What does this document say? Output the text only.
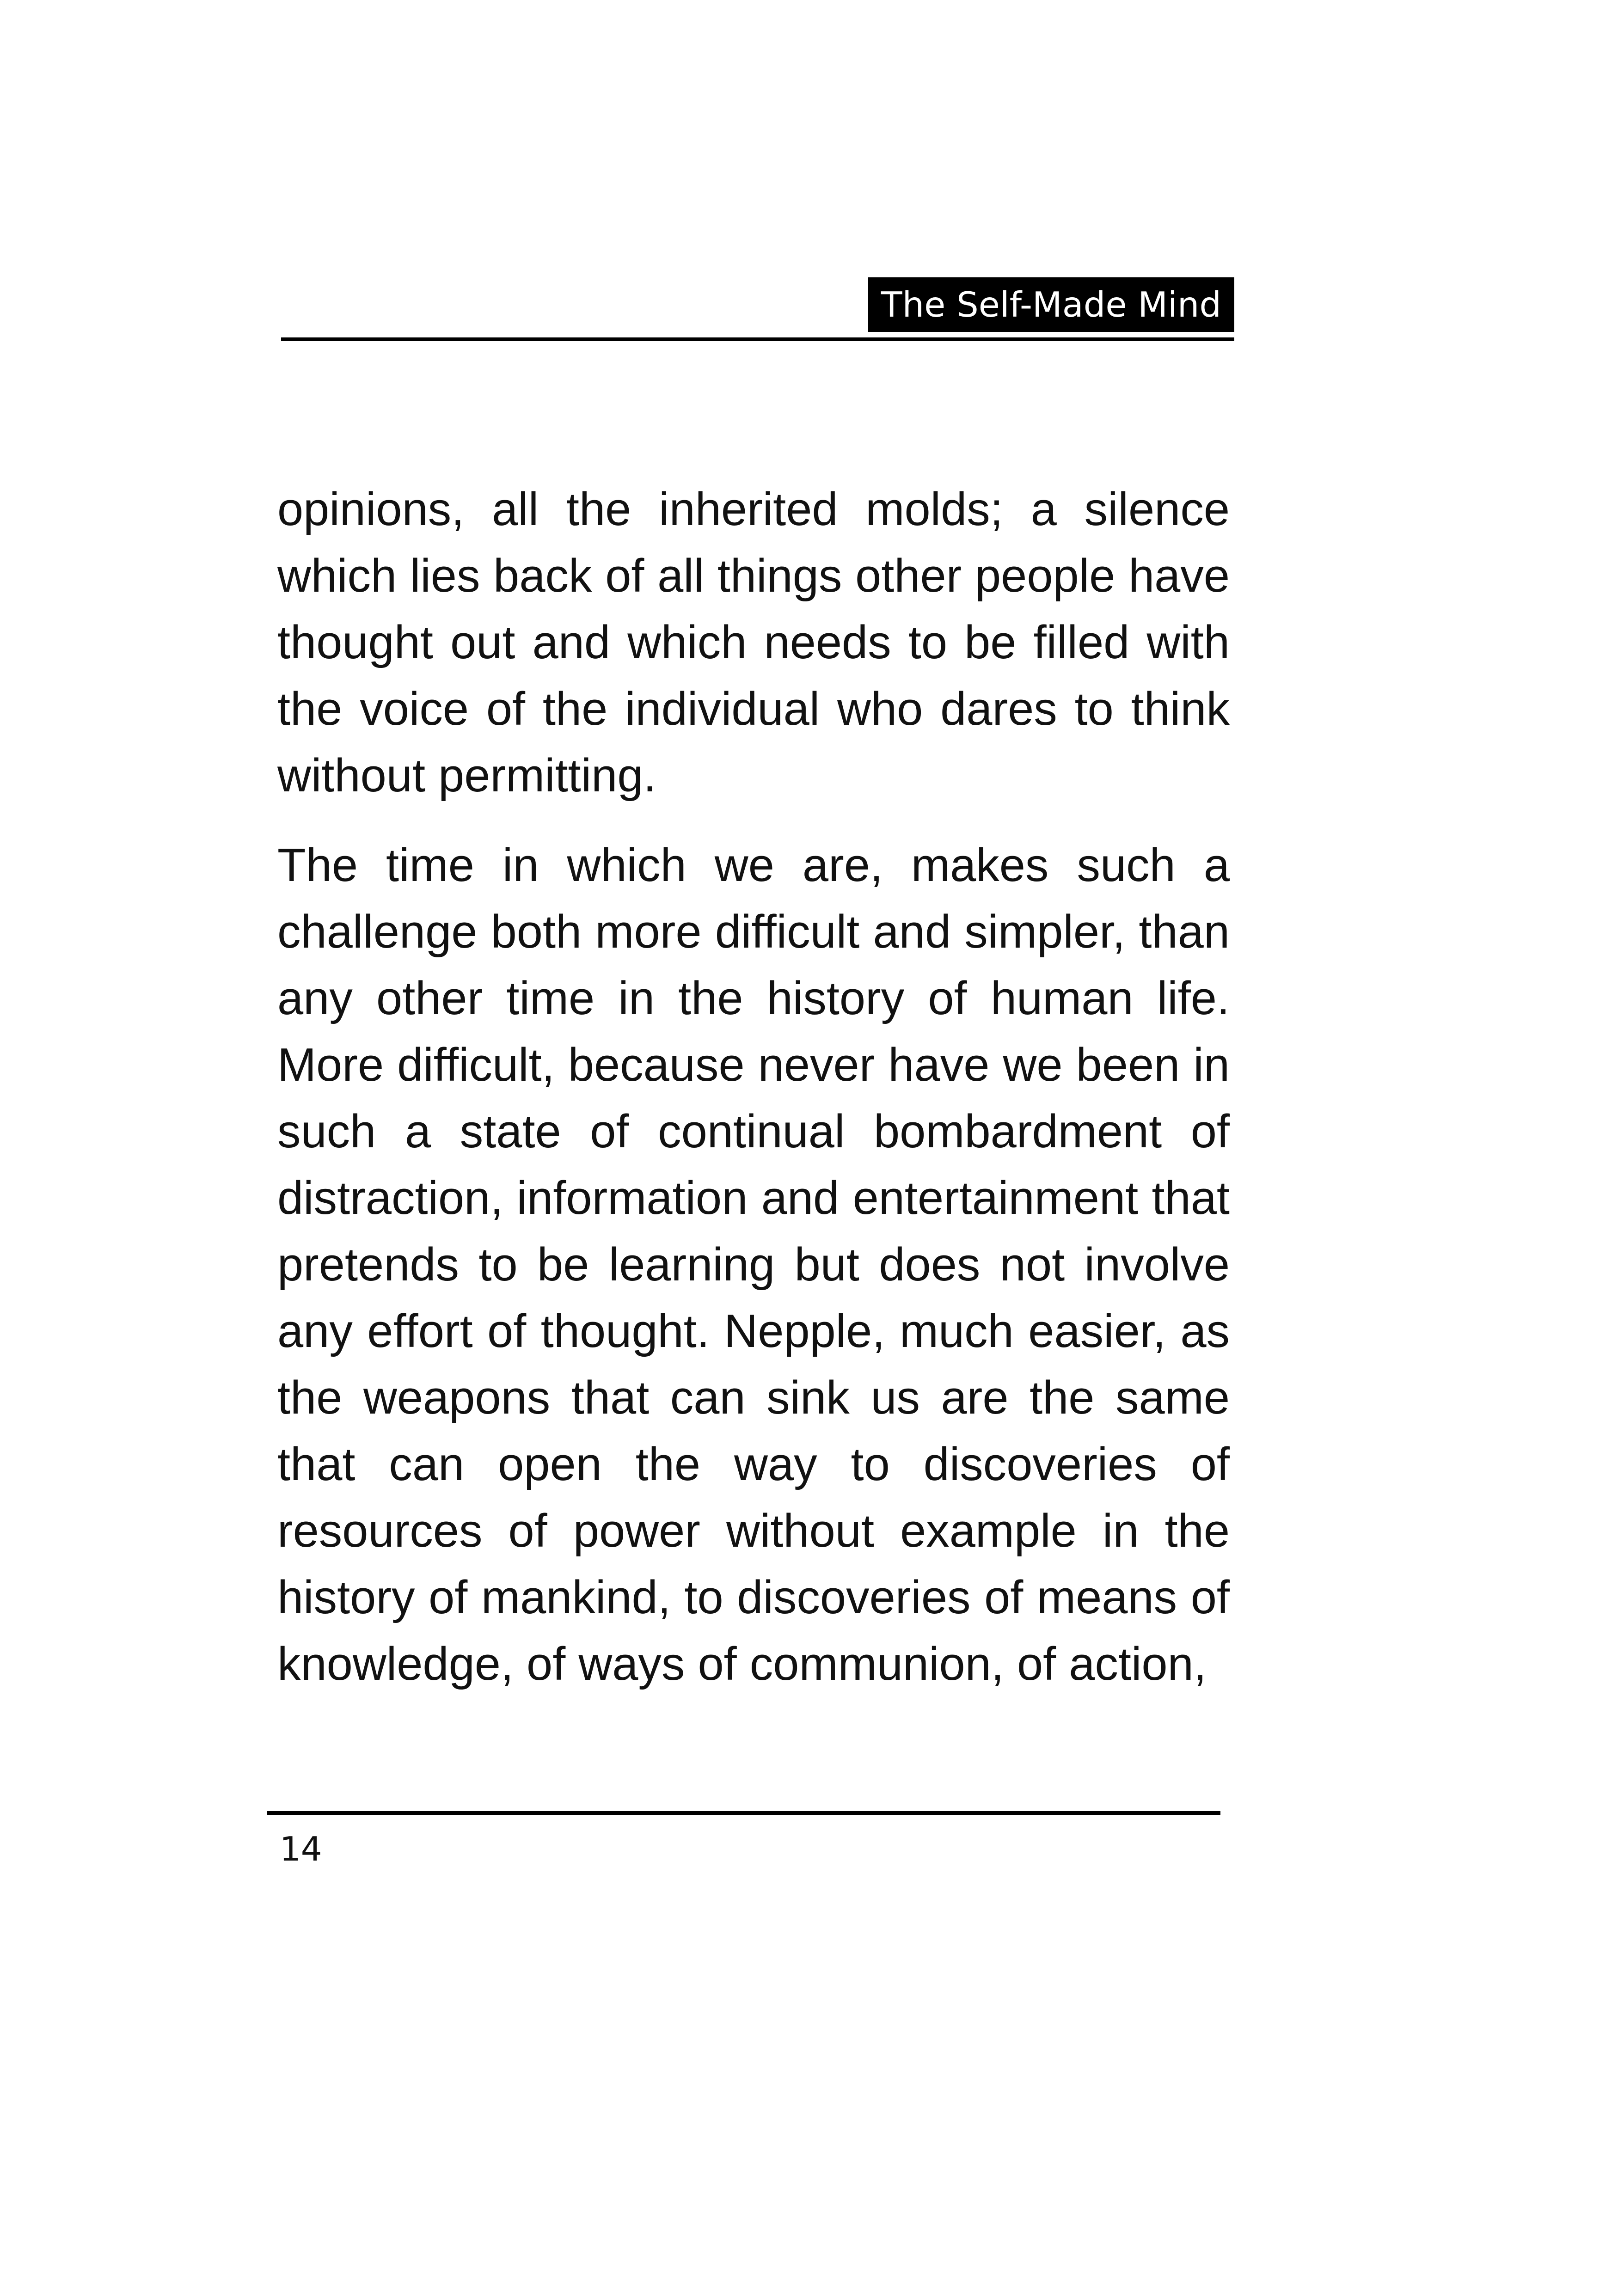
The Self-Made Mind

opinions, all the inherited molds; a silence which lies back of all things other people have thought out and which needs to be filled with the voice of the individual who dares to think without permitting.

The time in which we are, makes such a challenge both more difficult and simpler, than any other time in the history of human life. More difficult, because never have we been in such a state of continual bombardment of distraction, information and entertainment that pretends to be learning but does not involve any effort of thought. Nepple, much easier, as the weapons that can sink us are the same that can open the way to discoveries of resources of power without example in the history of mankind, to discoveries of means of knowledge, of ways of communion, of action,

14
